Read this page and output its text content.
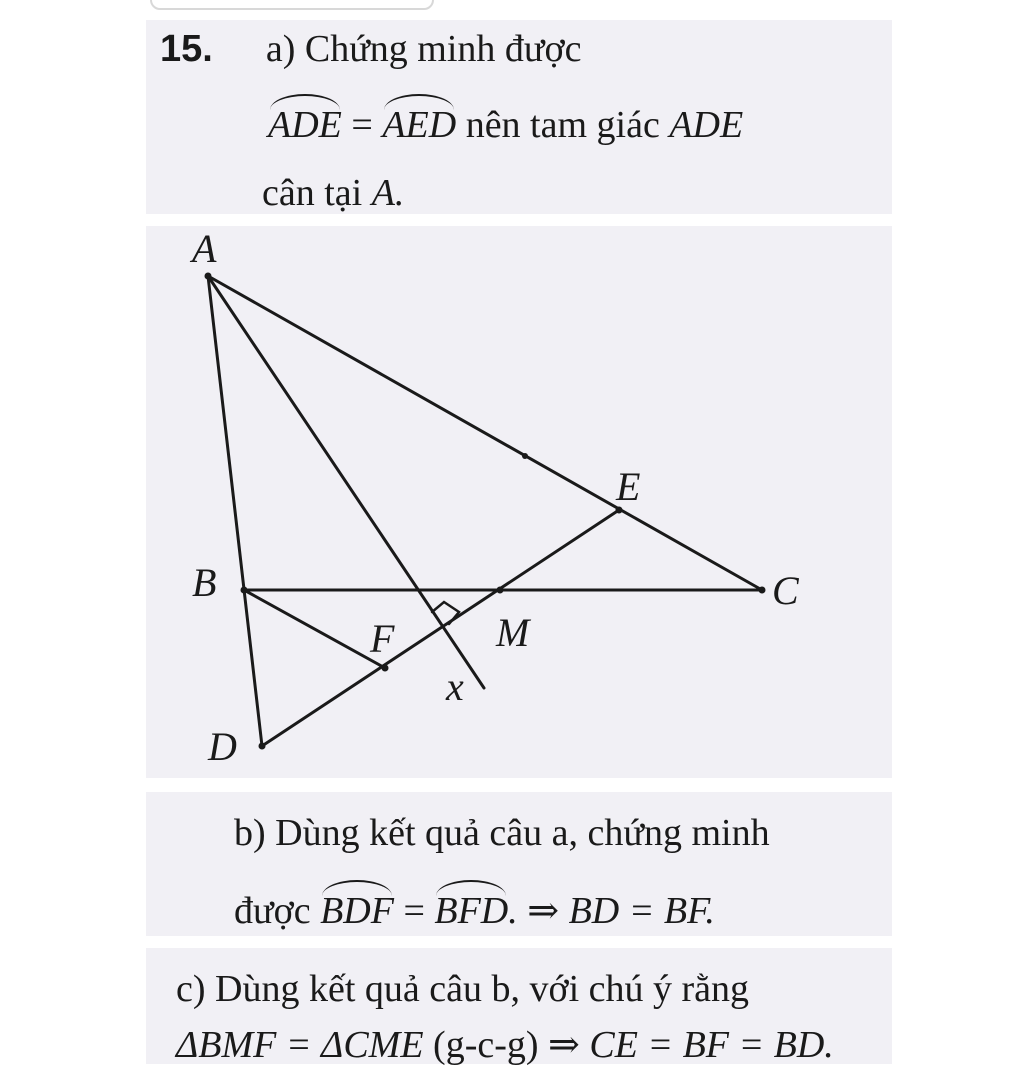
15. a) Chứng minh được
ADE = AED nên tam giác ADE
cân tại A.
A
B	C
D
E
F	M
x
b) Dùng kết quả câu a, chứng minh
được BDF = BFD. ⇒ BD = BF.
c) Dùng kết quả câu b, với chú ý rằng
ΔBMF = ΔCME (g-c-g) ⇒ CE = BF = BD.
